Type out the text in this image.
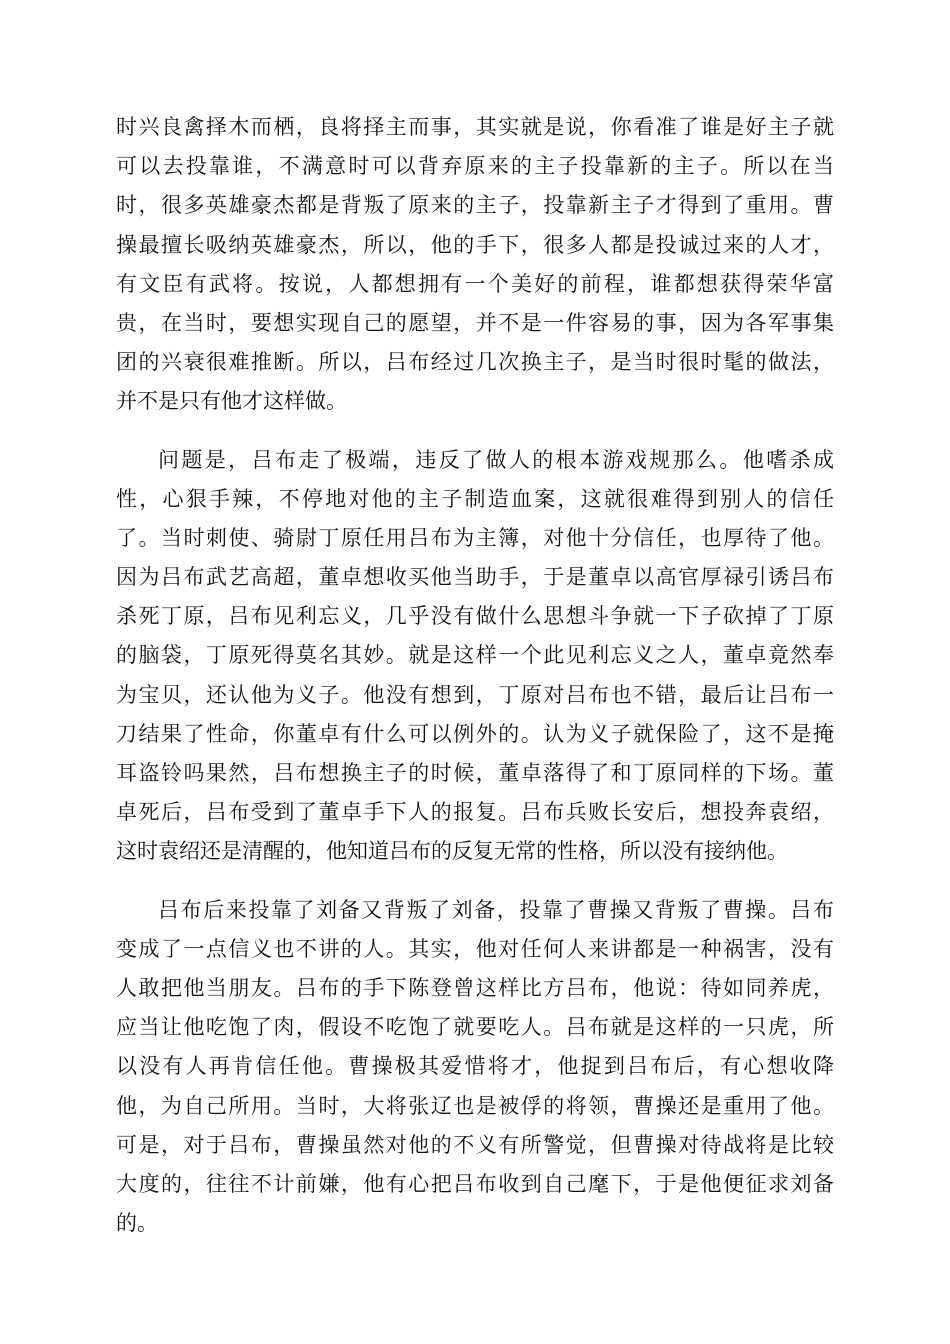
时兴良禽择木而栖，良将择主而事，其实就是说，你看准了谁是好主子就
可以去投靠谁，不满意时可以背弃原来的主子投靠新的主子。所以在当
时，很多英雄豪杰都是背叛了原来的主子，投靠新主子才得到了重用。曹
操最擅长吸纳英雄豪杰，所以，他的手下，很多人都是投诚过来的人才，
有文臣有武将。按说，人都想拥有一个美好的前程，谁都想获得荣华富
贵，在当时，要想实现自己的愿望，并不是一件容易的事，因为各军事集
团的兴衰很难推断。所以，吕布经过几次换主子，是当时很时髦的做法，
并不是只有他才这样做。
问题是，吕布走了极端，违反了做人的根本游戏规那么。他嗜杀成
性，心狠手辣，不停地对他的主子制造血案，这就很难得到别人的信任
了。当时刺使、骑尉丁原任用吕布为主簿，对他十分信任，也厚待了他。
因为吕布武艺高超，董卓想收买他当助手，于是董卓以高官厚禄引诱吕布
杀死丁原，吕布见利忘义，几乎没有做什么思想斗争就一下子砍掉了丁原
的脑袋，丁原死得莫名其妙。就是这样一个此见利忘义之人，董卓竟然奉
为宝贝，还认他为义子。他没有想到，丁原对吕布也不错，最后让吕布一
刀结果了性命，你董卓有什么可以例外的。认为义子就保险了，这不是掩
耳盗铃吗果然，吕布想换主子的时候，董卓落得了和丁原同样的下场。董
卓死后，吕布受到了董卓手下人的报复。吕布兵败长安后，想投奔袁绍，
这时袁绍还是清醒的，他知道吕布的反复无常的性格，所以没有接纳他。
吕布后来投靠了刘备又背叛了刘备，投靠了曹操又背叛了曹操。吕布
变成了一点信义也不讲的人。其实，他对任何人来讲都是一种祸害，没有
人敢把他当朋友。吕布的手下陈登曾这样比方吕布，他说：待如同养虎，
应当让他吃饱了肉，假设不吃饱了就要吃人。吕布就是这样的一只虎，所
以没有人再肯信任他。曹操极其爱惜将才，他捉到吕布后，有心想收降
他，为自己所用。当时，大将张辽也是被俘的将领，曹操还是重用了他。
可是，对于吕布，曹操虽然对他的不义有所警觉，但曹操对待战将是比较
大度的，往往不计前嫌，他有心把吕布收到自己麾下，于是他便征求刘备
的。
